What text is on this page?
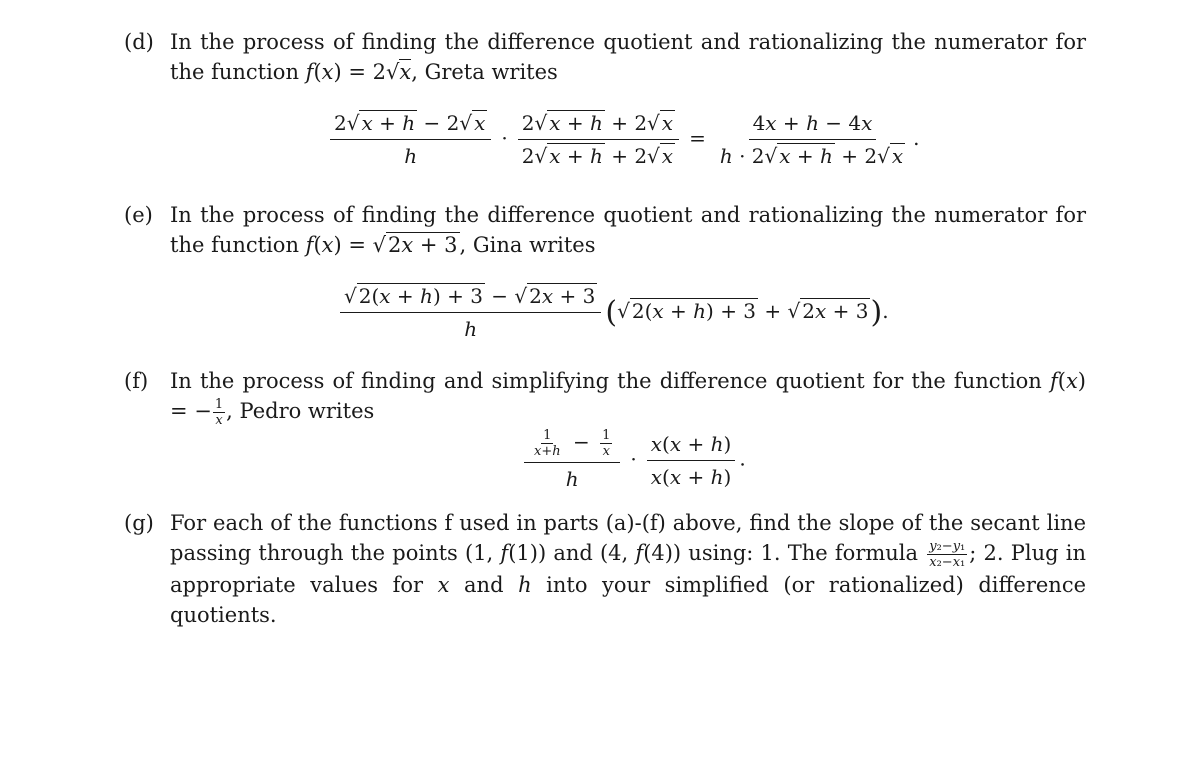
(d) In the process of finding the difference quotient and rationalizing the numerator for the function f(x) = 2√x, Greta writes
$\frac{2√ x + h - 2√ x}{h} \cdot \frac{2√ x + h + 2√ x}{2√ x + h + 2√ x} = \frac{4x + h - 4x}{h \cdot 2√ x + h + 2√ x}$ .
(e) In the process of finding the difference quotient and rationalizing the numerator for the function f(x) = √2x + 3, Gina writes
$\frac{√ 2(x + h) + 3 - √ 2x + 3}{h}$ (√ 2(x + h) + 3 + √ 2x + 3).
(f) In the process of finding and simplifying the difference quotient for the function f(x) = − $\frac{1}{x}$ , Pedro writes
$\frac{\frac{1}{x+h} - \frac{1}{x}}{h} \cdot \frac{x(x + h)}{x(x + h)}$ .
(g) For each of the functions f used in parts (a)-(f) above, find the slope of the secant line passing through the points (1, f(1)) and (4, f(4)) using: 1. The formula $\frac{\text{y₂−y₁}}{\text{x₂−x₁}}$ ; 2. Plug in appropriate values for x and h into your simplified (or rationalized) difference quotients.
